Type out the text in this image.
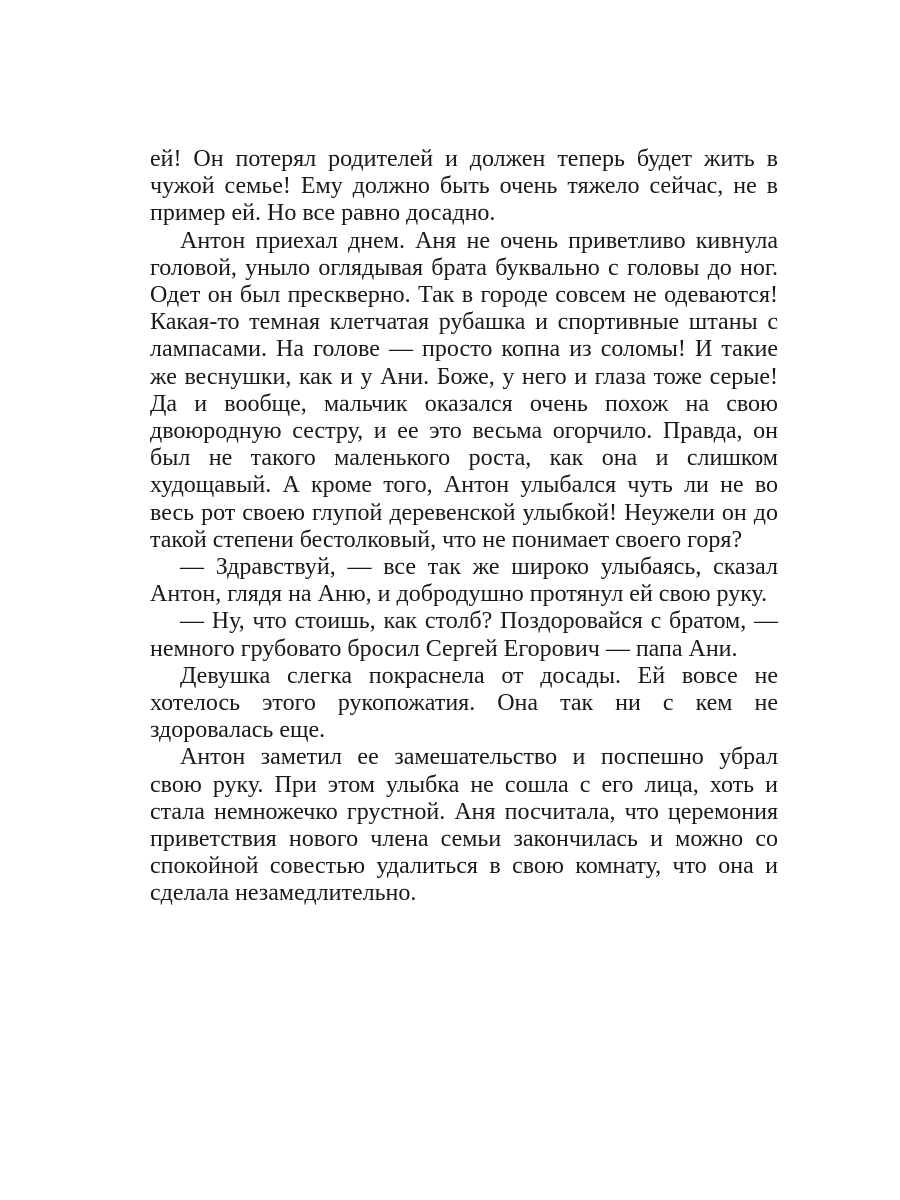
ей! Он потерял родителей и должен теперь будет жить в чужой семье! Ему должно быть очень тяжело сейчас, не в пример ей. Но все равно досадно.

Антон приехал днем. Аня не очень приветливо кивнула головой, уныло оглядывая брата буквально с головы до ног. Одет он был прескверно. Так в городе совсем не одеваются! Какая-то темная клетчатая рубашка и спортивные штаны с лампасами. На голове — просто копна из соломы! И такие же веснушки, как и у Ани. Боже, у него и глаза тоже серые! Да и вообще, мальчик оказался очень похож на свою двоюродную сестру, и ее это весьма огорчило. Правда, он был не такого маленького роста, как она и слишком худощавый. А кроме того, Антон улыбался чуть ли не во весь рот своею глупой деревенской улыбкой! Неужели он до такой степени бестолковый, что не понимает своего горя?

— Здравствуй, — все так же широко улыбаясь, сказал Антон, глядя на Аню, и добродушно протянул ей свою руку.

— Ну, что стоишь, как столб? Поздоровайся с братом, — немного грубовато бросил Сергей Егорович — папа Ани.

Девушка слегка покраснела от досады. Ей вовсе не хотелось этого рукопожатия. Она так ни с кем не здоровалась еще.

Антон заметил ее замешательство и поспешно убрал свою руку. При этом улыбка не сошла с его лица, хоть и стала немножечко грустной. Аня посчитала, что церемония приветствия нового члена семьи закончилась и можно со спокойной совестью удалиться в свою комнату, что она и сделала незамедлительно.
